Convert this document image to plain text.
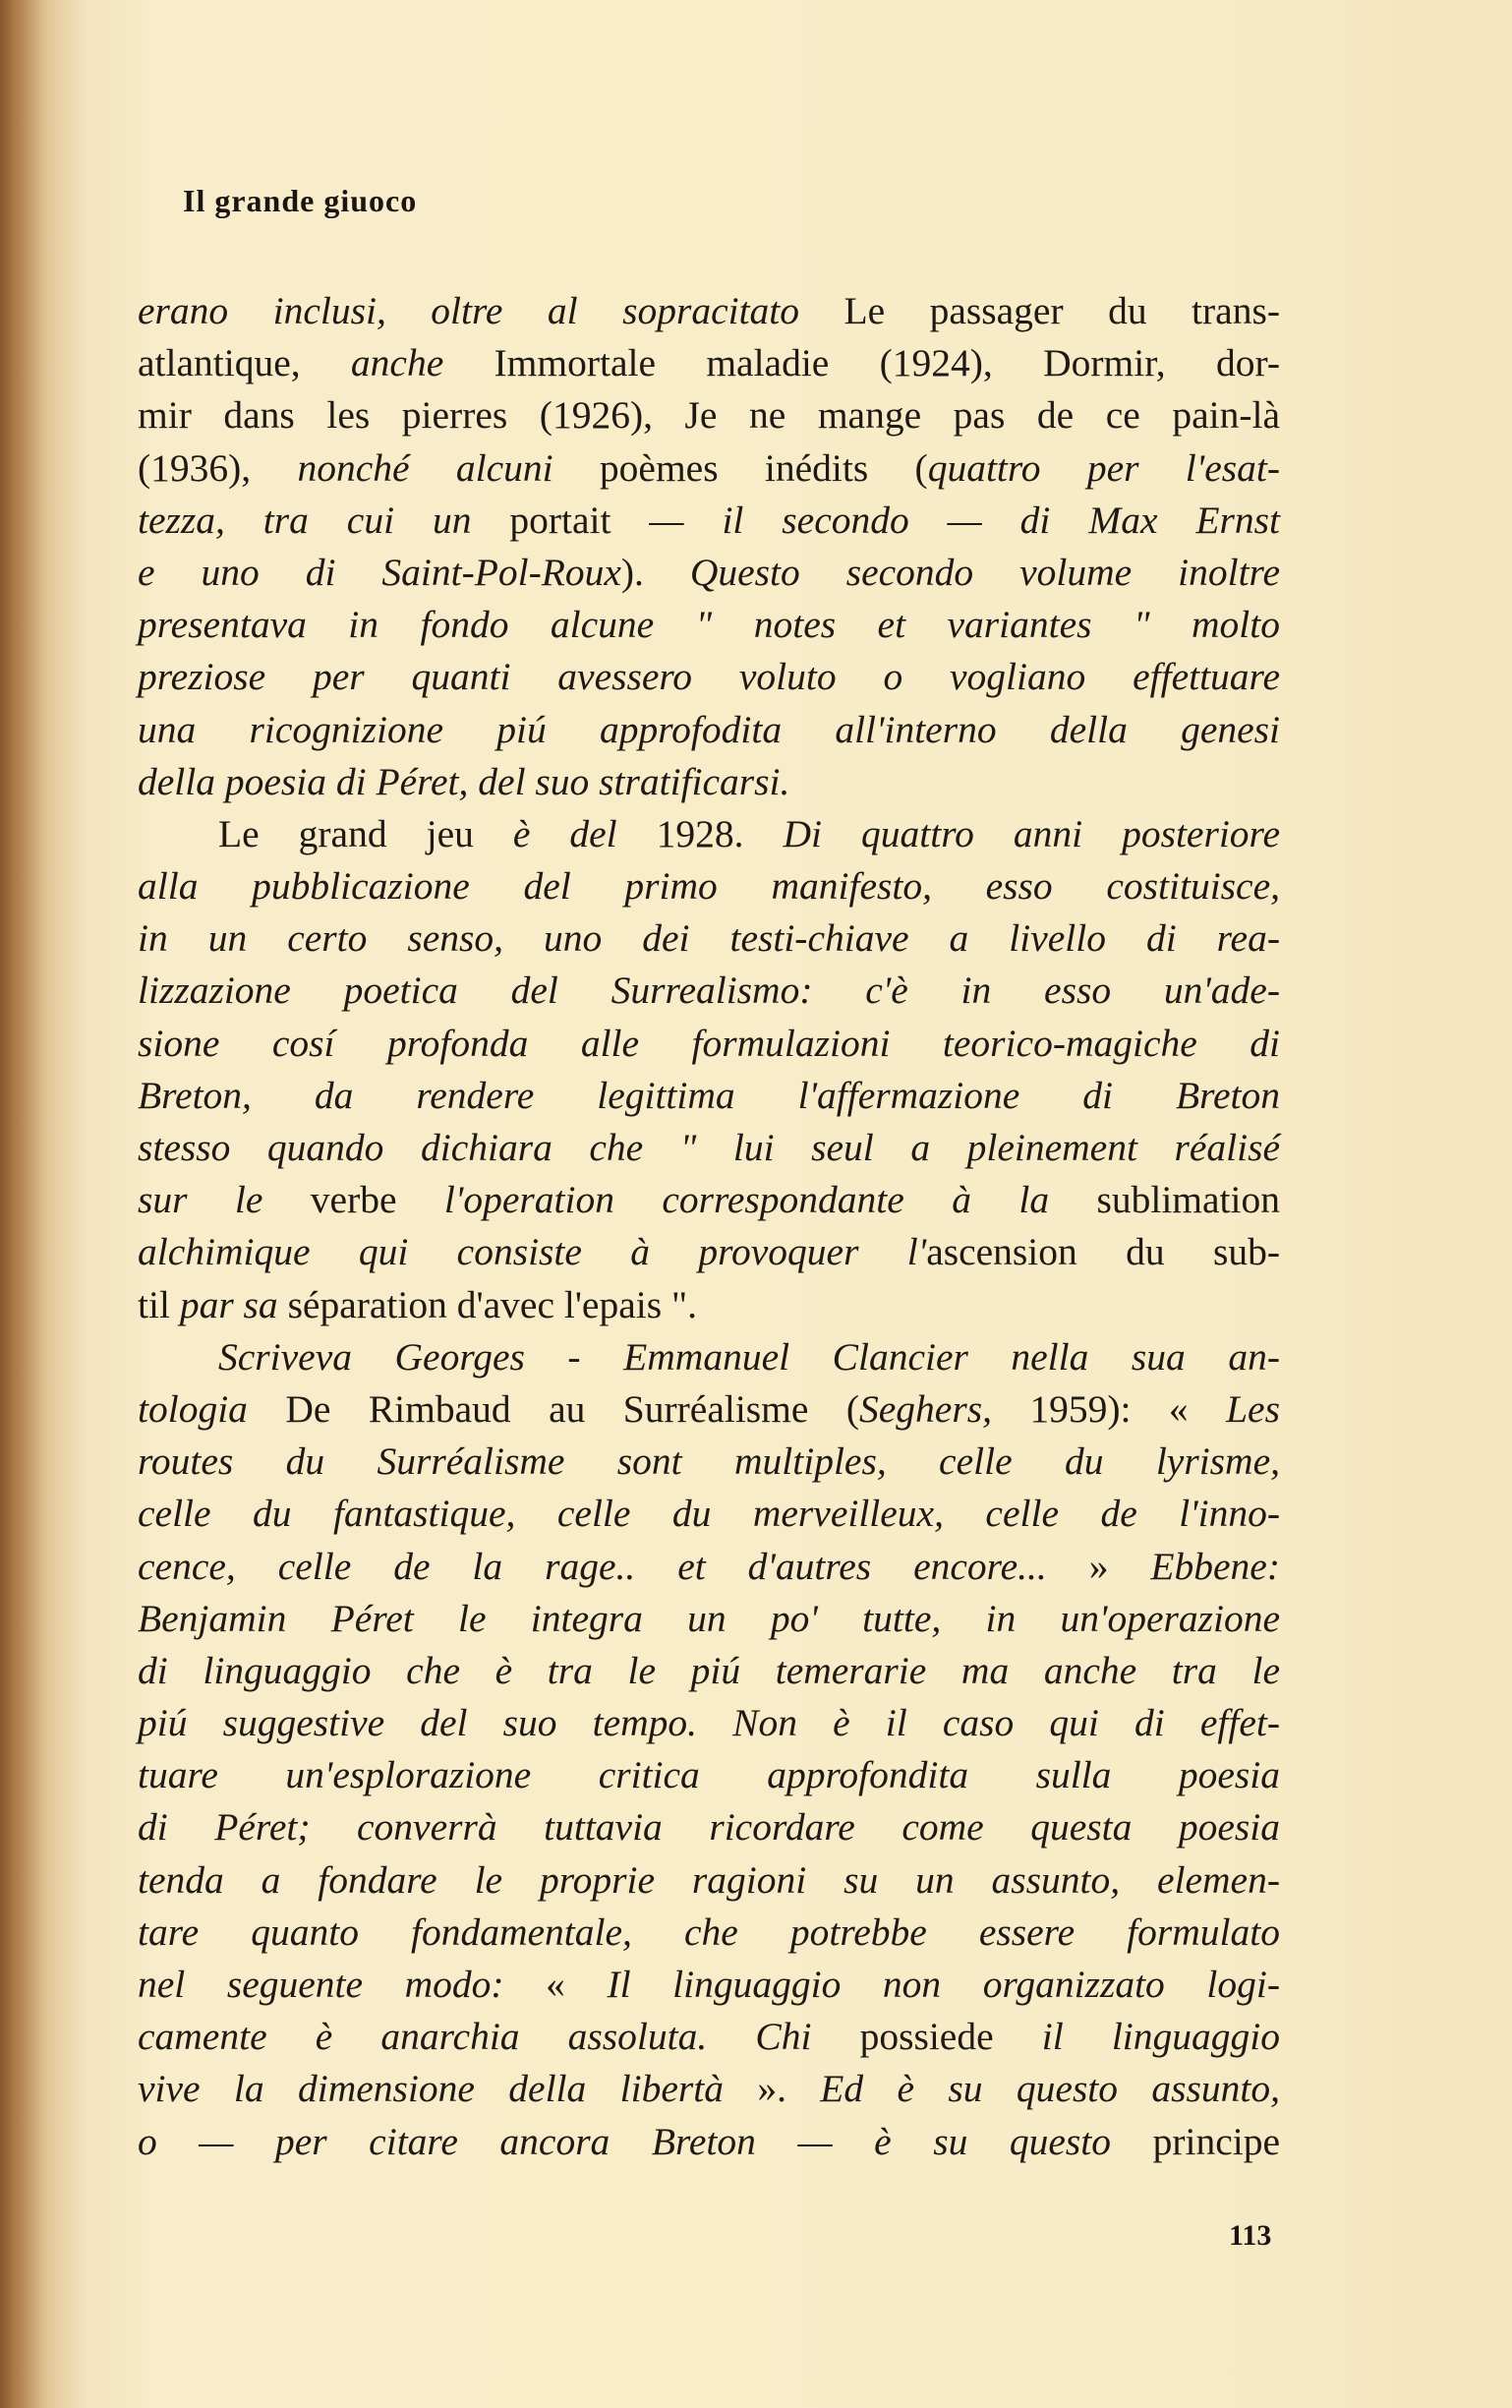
Il grande giuoco
erano inclusi, oltre al sopracitato Le passager du trans-
atlantique, anche Immortale maladie (1924), Dormir, dor-
mir dans les pierres (1926), Je ne mange pas de ce pain-là
(1936), nonché alcuni poèmes inédits (quattro per l'esat-
tezza, tra cui un portait — il secondo — di Max Ernst
e uno di Saint-Pol-Roux). Questo secondo volume inoltre
presentava in fondo alcune " notes et variantes " molto
preziose per quanti avessero voluto o vogliano effettuare
una ricognizione piú approfodita all'interno della genesi
della poesia di Péret, del suo stratificarsi.
Le grand jeu è del 1928. Di quattro anni posteriore
alla pubblicazione del primo manifesto, esso costituisce,
in un certo senso, uno dei testi-chiave a livello di rea-
lizzazione poetica del Surrealismo: c'è in esso un'ade-
sione cosí profonda alle formulazioni teorico-magiche di
Breton, da rendere legittima l'affermazione di Breton
stesso quando dichiara che " lui seul a pleinement réalisé
sur le verbe l'operation correspondante à la sublimation
alchimique qui consiste à provoquer l'ascension du sub-
til par sa séparation d'avec l'epais ".
Scriveva Georges - Emmanuel Clancier nella sua an-
tologia De Rimbaud au Surréalisme (Seghers, 1959): « Les
routes du Surréalisme sont multiples, celle du lyrisme,
celle du fantastique, celle du merveilleux, celle de l'inno-
cence, celle de la rage.. et d'autres encore... » Ebbene:
Benjamin Péret le integra un po' tutte, in un'operazione
di linguaggio che è tra le piú temerarie ma anche tra le
piú suggestive del suo tempo. Non è il caso qui di effet-
tuare un'esplorazione critica approfondita sulla poesia
di Péret; converrà tuttavia ricordare come questa poesia
tenda a fondare le proprie ragioni su un assunto, elemen-
tare quanto fondamentale, che potrebbe essere formulato
nel seguente modo: « Il linguaggio non organizzato logi-
camente è anarchia assoluta. Chi possiede il linguaggio
vive la dimensione della libertà ». Ed è su questo assunto,
o — per citare ancora Breton — è su questo principe
113
